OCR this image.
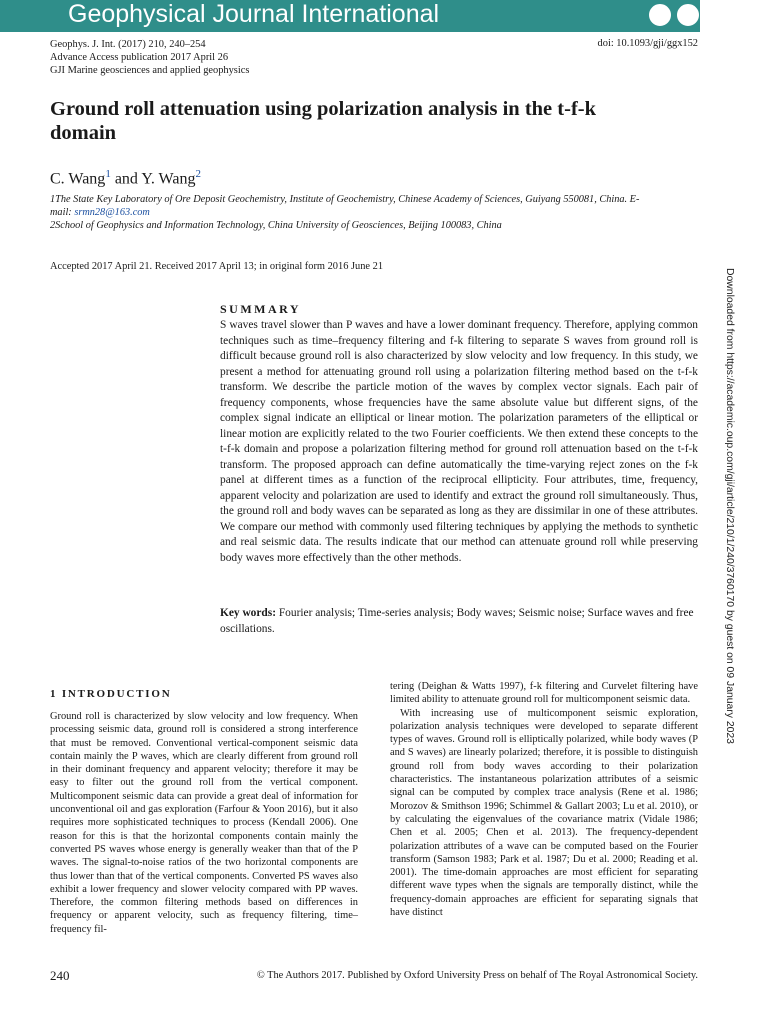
Geophysical Journal International
Geophys. J. Int. (2017) 210, 240–254
Advance Access publication 2017 April 26
GJI Marine geosciences and applied geophysics
doi: 10.1093/gji/ggx152
Ground roll attenuation using polarization analysis in the t-f-k domain
C. Wang$^1$ and Y. Wang$^2$
1The State Key Laboratory of Ore Deposit Geochemistry, Institute of Geochemistry, Chinese Academy of Sciences, Guiyang 550081, China. E-mail: srmn28@163.com
2School of Geophysics and Information Technology, China University of Geosciences, Beijing 100083, China
Accepted 2017 April 21. Received 2017 April 13; in original form 2016 June 21
SUMMARY
S waves travel slower than P waves and have a lower dominant frequency. Therefore, applying common techniques such as time–frequency filtering and f-k filtering to separate S waves from ground roll is difficult because ground roll is also characterized by slow velocity and low frequency. In this study, we present a method for attenuating ground roll using a polarization filtering method based on the t-f-k transform. We describe the particle motion of the waves by complex vector signals. Each pair of frequency components, whose frequencies have the same absolute value but different signs, of the complex signal indicate an elliptical or linear motion. The polarization parameters of the elliptical or linear motion are explicitly related to the two Fourier coefficients. We then extend these concepts to the t-f-k domain and propose a polarization filtering method for ground roll attenuation based on the t-f-k transform. The proposed approach can define automatically the time-varying reject zones on the f-k panel at different times as a function of the reciprocal ellipticity. Four attributes, time, frequency, apparent velocity and polarization are used to identify and extract the ground roll simultaneously. Thus, the ground roll and body waves can be separated as long as they are dissimilar in one of these attributes. We compare our method with commonly used filtering techniques by applying the methods to synthetic and real seismic data. The results indicate that our method can attenuate ground roll while preserving body waves more effectively than the other methods.
Key words: Fourier analysis; Time-series analysis; Body waves; Seismic noise; Surface waves and free oscillations.
1 INTRODUCTION
Ground roll is characterized by slow velocity and low frequency. When processing seismic data, ground roll is considered a strong interference that must be removed. Conventional vertical-component seismic data contain mainly the P waves, which are clearly different from ground roll in their dominant frequency and apparent velocity; therefore it may be easy to filter out the ground roll from the vertical component. Multicomponent seismic data can provide a great deal of information for unconventional oil and gas exploration (Farfour & Yoon 2016), but it also requires more sophisticated techniques to process (Kendall 2006). One reason for this is that the horizontal components contain mainly the converted PS waves whose energy is generally weaker than that of the P waves. The signal-to-noise ratios of the two horizontal components are thus lower than that of the vertical components. Converted PS waves also exhibit a lower frequency and slower velocity compared with PP waves. Therefore, the common filtering methods based on differences in frequency or apparent velocity, such as frequency filtering, time–frequency fil-
tering (Deighan & Watts 1997), f-k filtering and Curvelet filtering have limited ability to attenuate ground roll for multicomponent seismic data.
With increasing use of multicomponent seismic exploration, polarization analysis techniques were developed to separate different types of waves. Ground roll is elliptically polarized, while body waves (P and S waves) are linearly polarized; therefore, it is possible to distinguish ground roll from body waves according to their polarization characteristics. The instantaneous polarization attributes of a seismic signal can be computed by complex trace analysis (Rene et al. 1986; Morozov & Smithson 1996; Schimmel & Gallart 2003; Lu et al. 2010), or by calculating the eigenvalues of the covariance matrix (Vidale 1986; Chen et al. 2005; Chen et al. 2013). The frequency-dependent polarization attributes of a wave can be computed based on the Fourier transform (Samson 1983; Park et al. 1987; Du et al. 2000; Reading et al. 2001). The time-domain approaches are most efficient for separating different wave types when the signals are temporally distinct, while the frequency-domain approaches are efficient for separating signals that have distinct
Downloaded from https://academic.oup.com/gji/article/210/1/240/3760170 by guest on 09 January 2023
240	© The Authors 2017. Published by Oxford University Press on behalf of The Royal Astronomical Society.
